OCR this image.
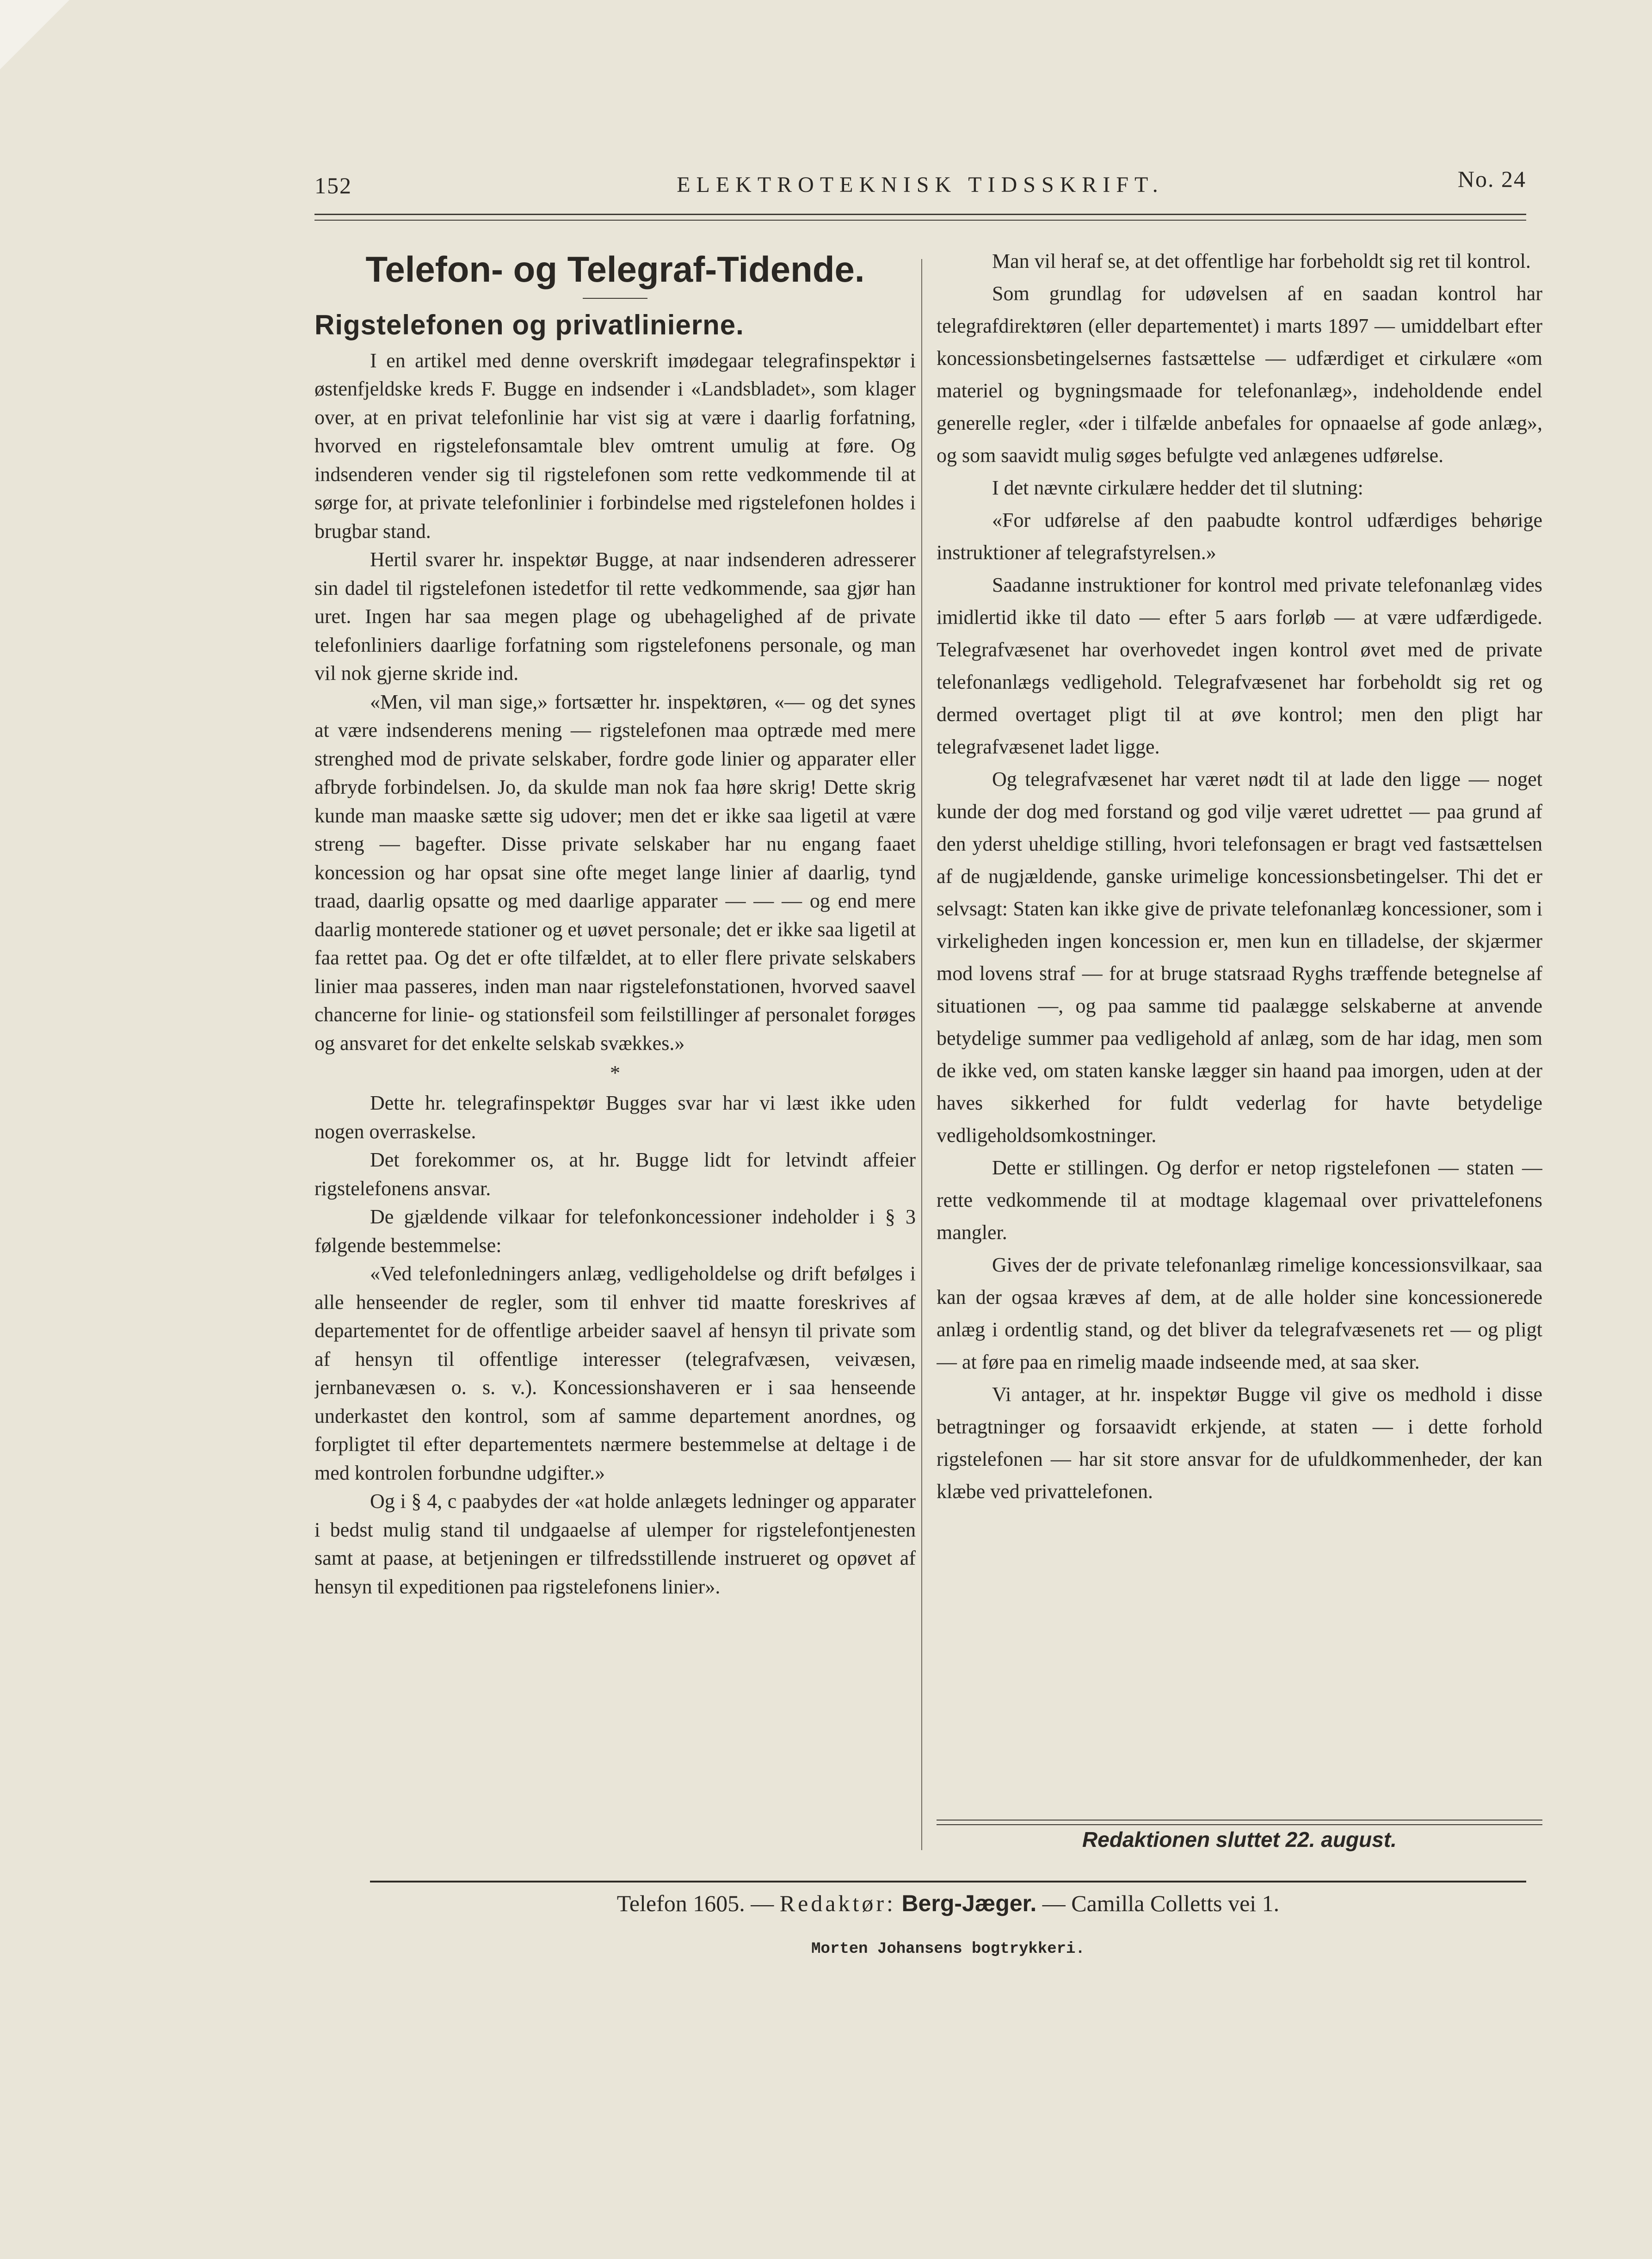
152	ELEKTROTEKNISK TIDSSKRIFT.	No. 24
Telefon- og Telegraf-Tidende.
Rigstelefonen og privatlinierne.

I en artikel med denne overskrift imødegaar telegrafinspektør i østenfjeldske kreds F. Bugge en indsender i «Landsbladet», som klager over, at en privat telefonlinie har vist sig at være i daarlig forfatning, hvorved en rigstelefonsamtale blev omtrent umulig at føre. Og indsenderen vender sig til rigstelefonen som rette vedkommende til at sørge for, at private telefonlinier i forbindelse med rigstelefonen holdes i brugbar stand.

Hertil svarer hr. inspektør Bugge, at naar indsenderen adresserer sin dadel til rigstelefonen istedetfor til rette vedkommende, saa gjør han uret. Ingen har saa megen plage og ubehagelighed af de private telefonliniers daarlige forfatning som rigstelefonens personale, og man vil nok gjerne skride ind.

«Men, vil man sige,» fortsætter hr. inspektøren, «— og det synes at være indsenderens mening — rigstelefonen maa optræde med mere strenghed mod de private selskaber, fordre gode linier og apparater eller afbryde forbindelsen. Jo, da skulde man nok faa høre skrig! Dette skrig kunde man maaske sætte sig udover; men det er ikke saa ligetil at være streng — bagefter. Disse private selskaber har nu engang faaet koncession og har opsat sine ofte meget lange linier af daarlig, tynd traad, daarlig opsatte og med daarlige apparater — — — og end mere daarlig monterede stationer og et uøvet personale; det er ikke saa ligetil at faa rettet paa. Og det er ofte tilfældet, at to eller flere private selskabers linier maa passeres, inden man naar rigstelefonstationen, hvorved saavel chancerne for linie- og stationsfeil som feilstillinger af personalet forøges og ansvaret for det enkelte selskab svækkes.»

*

Dette hr. telegrafinspektør Bugges svar har vi læst ikke uden nogen overraskelse.

Det forekommer os, at hr. Bugge lidt for letvindt affeier rigstelefonens ansvar.

De gjældende vilkaar for telefonkoncessioner indeholder i § 3 følgende bestemmelse:

«Ved telefonledningers anlæg, vedligeholdelse og drift befølges i alle henseender de regler, som til enhver tid maatte foreskrives af departementet for de offentlige arbeider saavel af hensyn til private som af hensyn til offentlige interesser (telegrafvæsen, veivæsen, jernbanevæsen o. s. v.). Koncessionshaveren er i saa henseende underkastet den kontrol, som af samme departement anordnes, og forpligtet til efter departementets nærmere bestemmelse at deltage i de med kontrolen forbundne udgifter.»

Og i § 4, c paabydes der «at holde anlægets ledninger og apparater i bedst mulig stand til undgaaelse af ulemper for rigstelefontjenesten samt at paase, at betjeningen er tilfredsstillende instrueret og opøvet af hensyn til expeditionen paa rigstelefonens linier».

Man vil heraf se, at det offentlige har forbeholdt sig ret til kontrol.

Som grundlag for udøvelsen af en saadan kontrol har telegrafdirektøren (eller departementet) i marts 1897 — umiddelbart efter koncessionsbetingelsernes fastsættelse — udfærdiget et cirkulære «om materiel og bygningsmaade for telefonanlæg», indeholdende endel generelle regler, «der i tilfælde anbefales for opnaaelse af gode anlæg», og som saavidt mulig søges befulgte ved anlægenes udførelse.

I det nævnte cirkulære hedder det til slutning:

«For udførelse af den paabudte kontrol udfærdiges behørige instruktioner af telegrafstyrelsen.»

Saadanne instruktioner for kontrol med private telefonanlæg vides imidlertid ikke til dato — efter 5 aars forløb — at være udfærdigede. Telegrafvæsenet har overhovedet ingen kontrol øvet med de private telefonanlægs vedligehold. Telegrafvæsenet har forbeholdt sig ret og dermed overtaget pligt til at øve kontrol; men den pligt har telegrafvæsenet ladet ligge.

Og telegrafvæsenet har været nødt til at lade den ligge — noget kunde der dog med forstand og god vilje været udrettet — paa grund af den yderst uheldige stilling, hvori telefonsagen er bragt ved fastsættelsen af de nugjældende, ganske urimelige koncessionsbetingelser. Thi det er selvsagt: Staten kan ikke give de private telefonanlæg koncessioner, som i virkeligheden ingen koncession er, men kun en tilladelse, der skjærmer mod lovens straf — for at bruge statsraad Ryghs træffende betegnelse af situationen —, og paa samme tid paalægge selskaberne at anvende betydelige summer paa vedligehold af anlæg, som de har idag, men som de ikke ved, om staten kanske lægger sin haand paa imorgen, uden at der haves sikkerhed for fuldt vederlag for havte betydelige vedligeholdsomkostninger.

Dette er stillingen. Og derfor er netop rigstelefonen — staten — rette vedkommende til at modtage klagemaal over privattelefonens mangler.

Gives der de private telefonanlæg rimelige koncessionsvilkaar, saa kan der ogsaa kræves af dem, at de alle holder sine koncessionerede anlæg i ordentlig stand, og det bliver da telegrafvæsenets ret — og pligt — at føre paa en rimelig maade indseende med, at saa sker.

Vi antager, at hr. inspektør Bugge vil give os medhold i disse betragtninger og forsaavidt erkjende, at staten — i dette forhold rigstelefonen — har sit store ansvar for de ufuldkommenheder, der kan klæbe ved privattelefonen.

Redaktionen sluttet 22. august.
Telefon 1605. — Redaktør: Berg-Jæger. — Camilla Colletts vei 1.
Morten Johansens bogtrykkeri.
